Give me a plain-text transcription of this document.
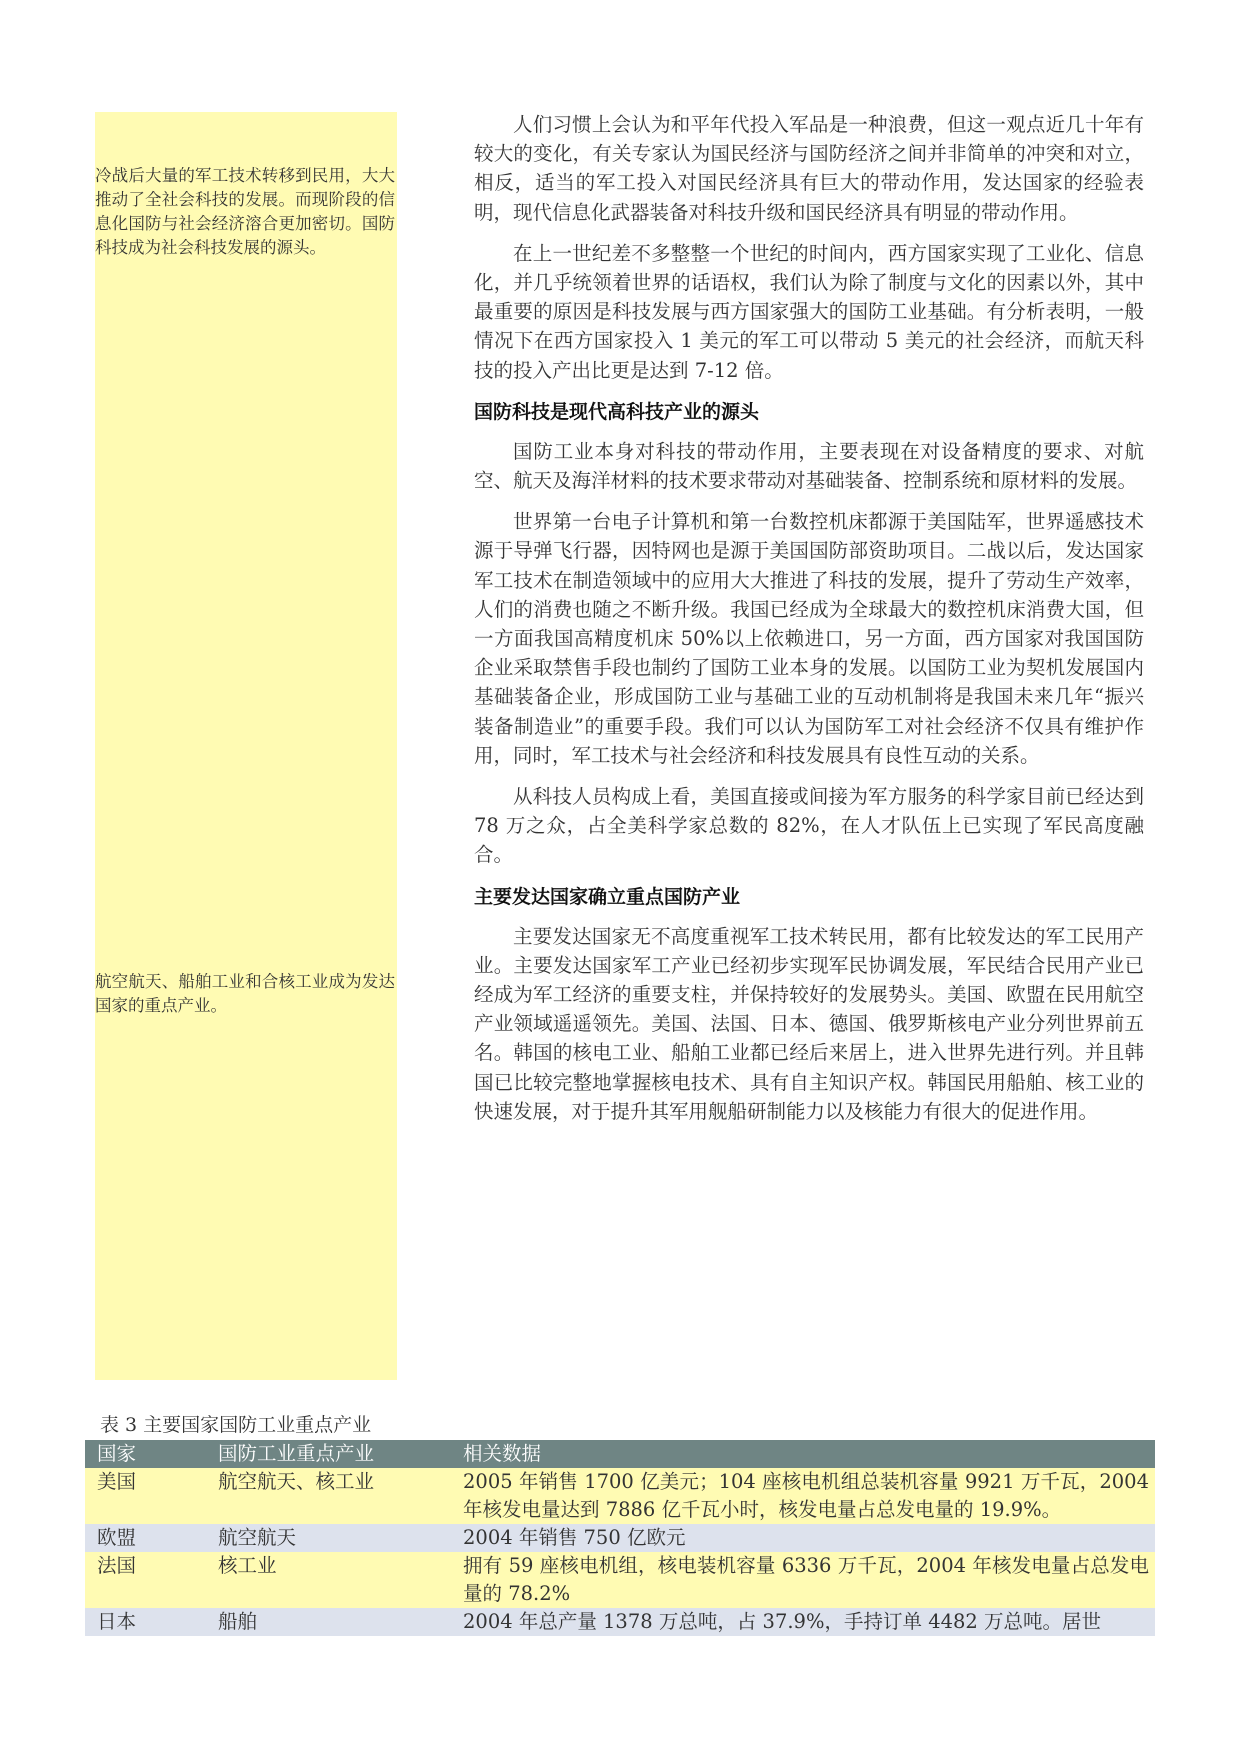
冷战后大量的军工技术转移到民用，大大推动了全社会科技的发展。而现阶段的信息化国防与社会经济溶合更加密切。国防科技成为社会科技发展的源头。
航空航天、船舶工业和合核工业成为发达国家的重点产业。

人们习惯上会认为和平年代投入军品是一种浪费，但这一观点近几十年有较大的变化，有关专家认为国民经济与国防经济之间并非简单的冲突和对立，相反，适当的军工投入对国民经济具有巨大的带动作用，发达国家的经验表明，现代信息化武器装备对科技升级和国民经济具有明显的带动作用。

在上一世纪差不多整整一个世纪的时间内，西方国家实现了工业化、信息化，并几乎统领着世界的话语权，我们认为除了制度与文化的因素以外，其中最重要的原因是科技发展与西方国家强大的国防工业基础。有分析表明，一般情况下在西方国家投入 1 美元的军工可以带动 5 美元的社会经济，而航天科技的投入产出比更是达到 7-12 倍。

国防科技是现代高科技产业的源头

国防工业本身对科技的带动作用，主要表现在对设备精度的要求、对航空、航天及海洋材料的技术要求带动对基础装备、控制系统和原材料的发展。

世界第一台电子计算机和第一台数控机床都源于美国陆军，世界遥感技术源于导弹飞行器，因特网也是源于美国国防部资助项目。二战以后，发达国家军工技术在制造领域中的应用大大推进了科技的发展，提升了劳动生产效率，人们的消费也随之不断升级。我国已经成为全球最大的数控机床消费大国，但一方面我国高精度机床 50%以上依赖进口，另一方面，西方国家对我国国防企业采取禁售手段也制约了国防工业本身的发展。以国防工业为契机发展国内基础装备企业，形成国防工业与基础工业的互动机制将是我国未来几年“振兴装备制造业”的重要手段。我们可以认为国防军工对社会经济不仅具有维护作用，同时，军工技术与社会经济和科技发展具有良性互动的关系。

从科技人员构成上看，美国直接或间接为军方服务的科学家目前已经达到 78 万之众，占全美科学家总数的 82%，在人才队伍上已实现了军民高度融合。

主要发达国家确立重点国防产业

主要发达国家无不高度重视军工技术转民用，都有比较发达的军工民用产业。主要发达国家军工产业已经初步实现军民协调发展，军民结合民用产业已经成为军工经济的重要支柱，并保持较好的发展势头。美国、欧盟在民用航空产业领域遥遥领先。美国、法国、日本、德国、俄罗斯核电产业分列世界前五名。韩国的核电工业、船舶工业都已经后来居上，进入世界先进行列。并且韩国已比较完整地掌握核电技术、具有自主知识产权。韩国民用船舶、核工业的快速发展，对于提升其军用舰船研制能力以及核能力有很大的促进作用。

表 3 主要国家国防工业重点产业
国家	国防工业重点产业	相关数据
美国	航空航天、核工业	2005 年销售 1700 亿美元；104 座核电机组总装机容量 9921 万千瓦，2004 年核发电量达到 7886 亿千瓦小时，核发电量占总发电量的 19.9%。
欧盟	航空航天	2004 年销售 750 亿欧元
法国	核工业	拥有 59 座核电机组，核电装机容量 6336 万千瓦，2004 年核发电量占总发电量的 78.2%
日本	船舶	2004 年总产量 1378 万总吨，占 37.9%，手持订单 4482 万总吨。居世
